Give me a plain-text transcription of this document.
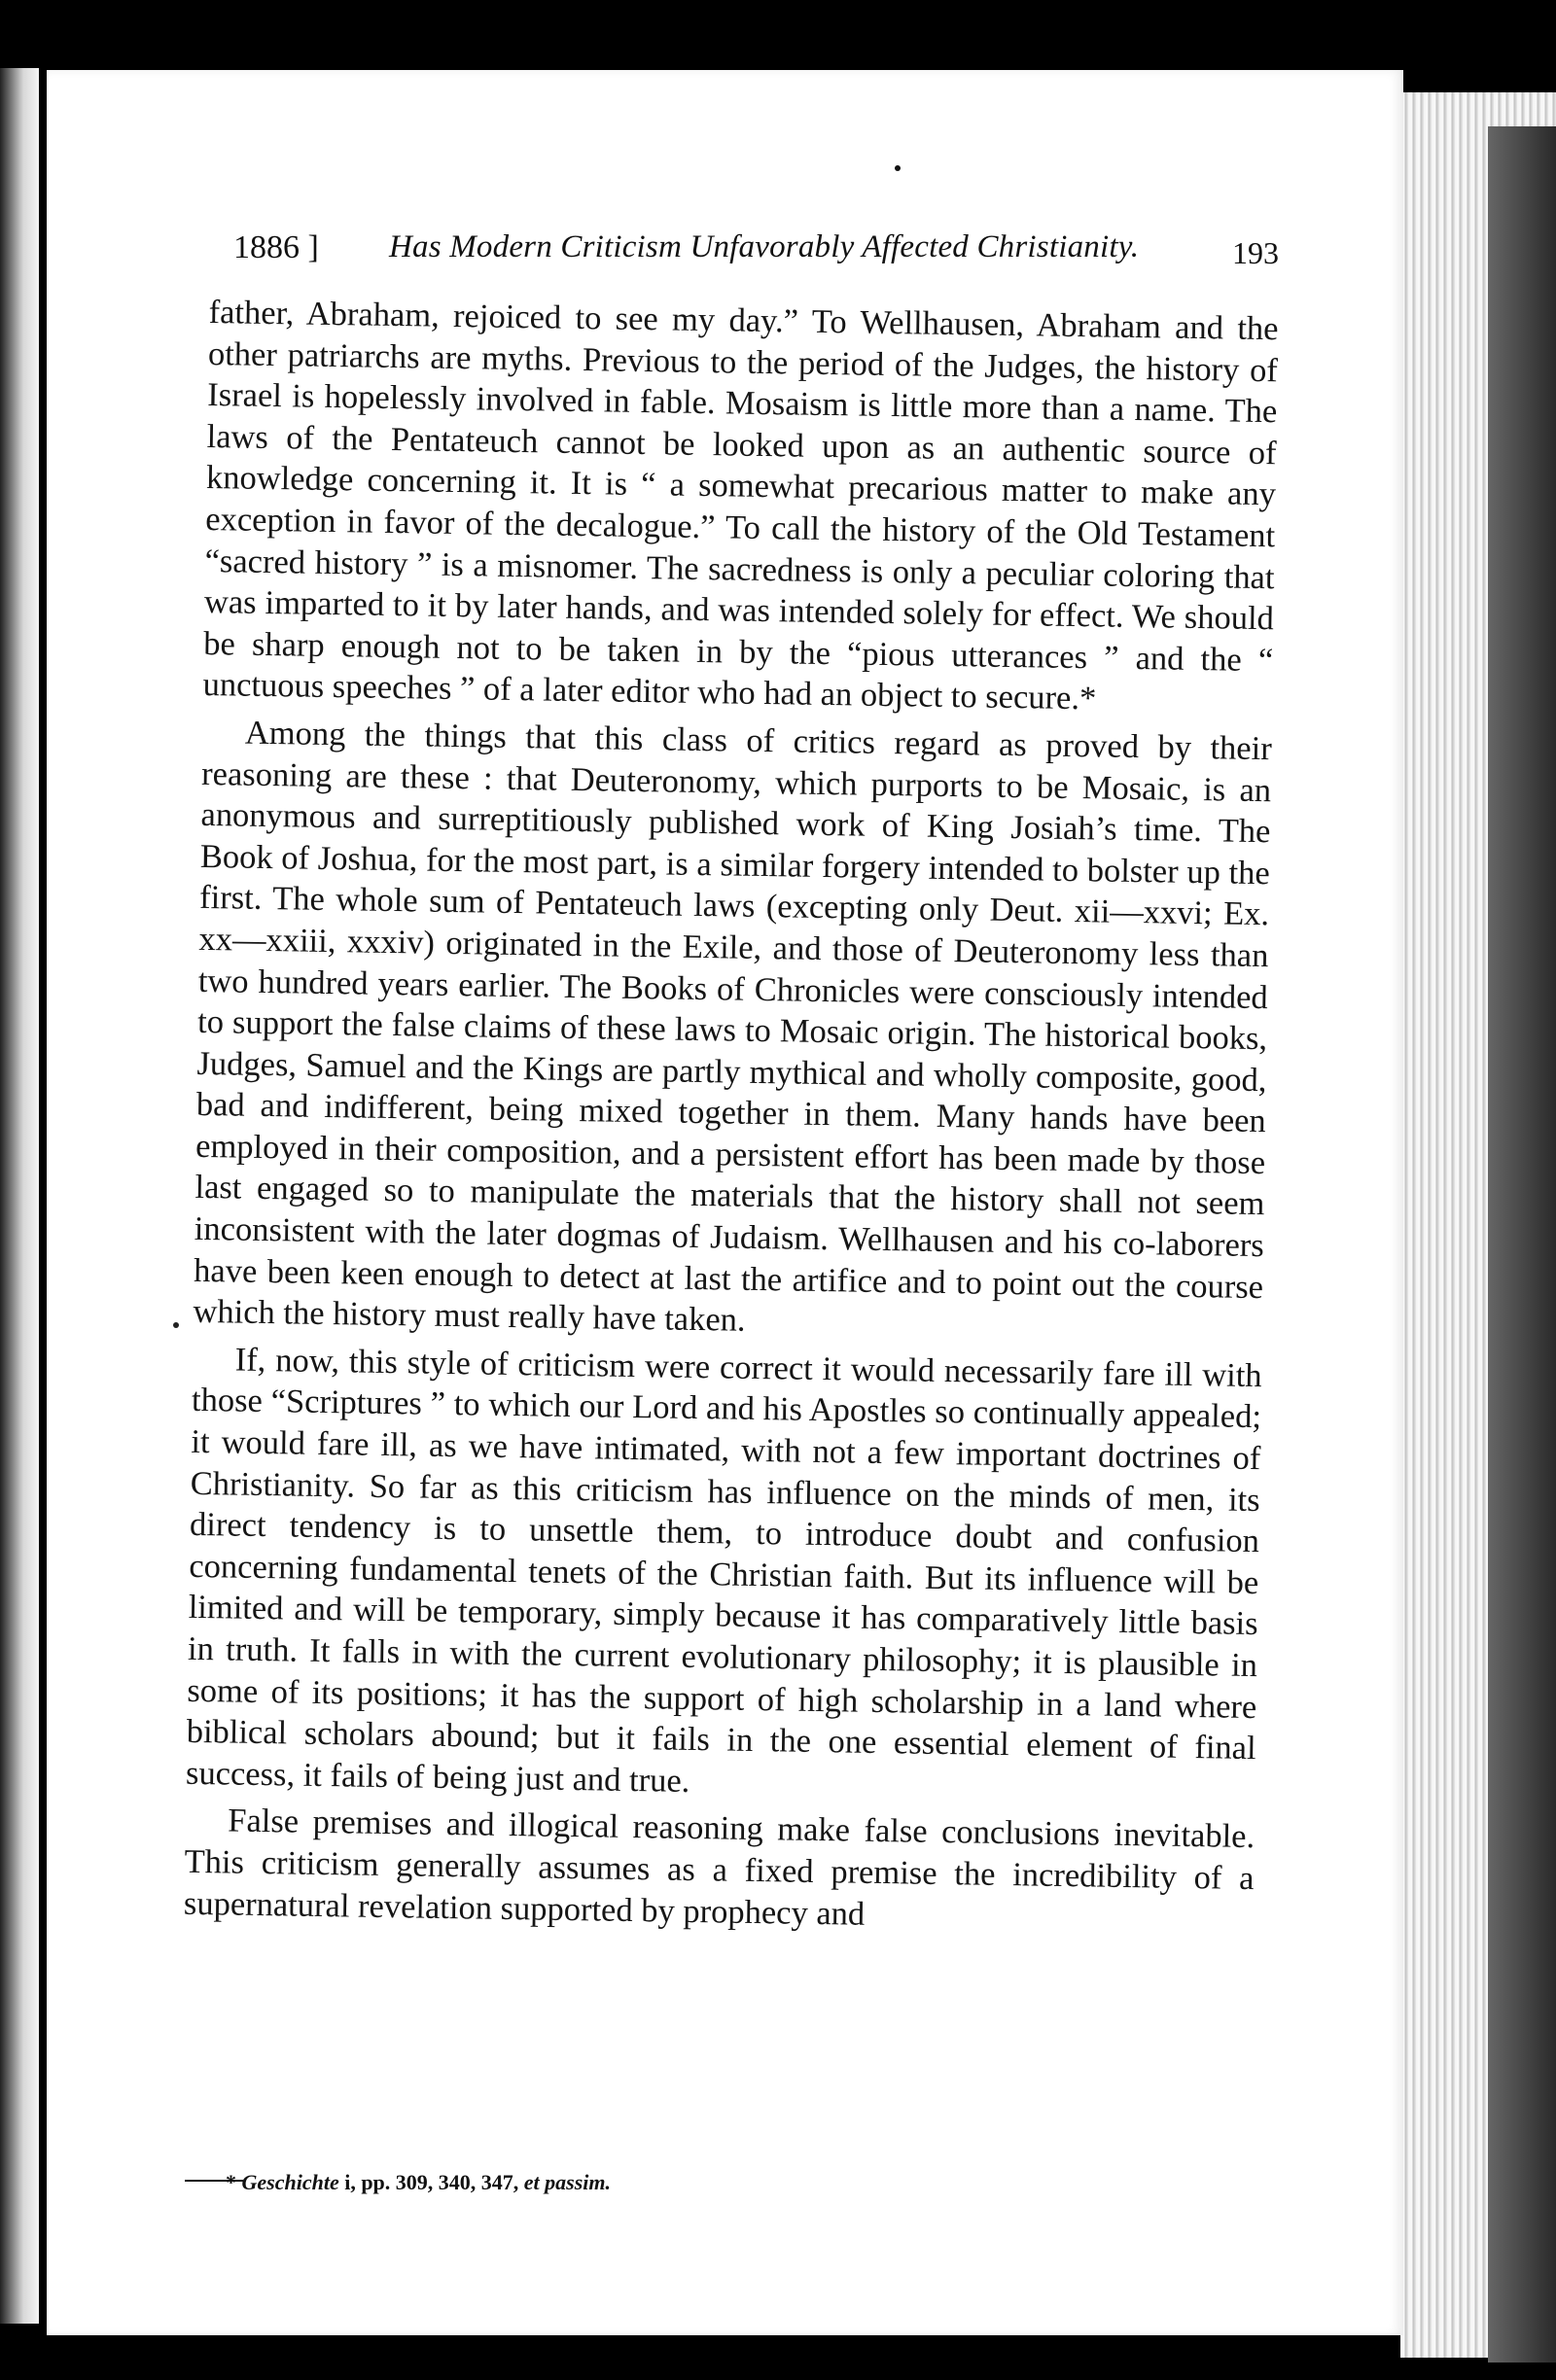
1886 ] Has Modern Criticism Unfavorably Affected Christianity.	193

father, Abraham, rejoiced to see my day.” To Wellhausen, Abraham and the other patriarchs are myths. Previous to the period of the Judges, the history of Israel is hopelessly involved in fable. Mosaism is little more than a name. The laws of the Pentateuch cannot be looked upon as an authentic source of knowledge concerning it. It is “ a somewhat precarious matter to make any exception in favor of the decalogue.” To call the history of the Old Testament “sacred history ” is a misnomer. The sacredness is only a peculiar coloring that was imparted to it by later hands, and was intended solely for effect. We should be sharp enough not to be taken in by the “pious utterances ” and the “ unctuous speeches ” of a later editor who had an object to secure.*

Among the things that this class of critics regard as proved by their reasoning are these : that Deuteronomy, which purports to be Mosaic, is an anonymous and surreptitiously published work of King Josiah’s time. The Book of Joshua, for the most part, is a similar forgery intended to bolster up the first. The whole sum of Pentateuch laws (excepting only Deut. xii—xxvi; Ex. xx—xxiii, xxxiv) originated in the Exile, and those of Deuteronomy less than two hundred years earlier. The Books of Chronicles were consciously intended to support the false claims of these laws to Mosaic origin. The historical books, Judges, Samuel and the Kings are partly mythical and wholly composite, good, bad and indifferent, being mixed together in them. Many hands have been employed in their composition, and a persistent effort has been made by those last engaged so to manipulate the materials that the history shall not seem inconsistent with the later dogmas of Judaism. Wellhausen and his co-laborers have been keen enough to detect at last the artifice and to point out the course which the history must really have taken.

If, now, this style of criticism were correct it would necessarily fare ill with those “Scriptures ” to which our Lord and his Apostles so continually appealed; it would fare ill, as we have intimated, with not a few important doctrines of Christianity. So far as this criticism has influence on the minds of men, its direct tendency is to unsettle them, to introduce doubt and confusion concerning fundamental tenets of the Christian faith. But its influence will be limited and will be temporary, simply because it has comparatively little basis in truth. It falls in with the current evolutionary philosophy; it is plausible in some of its positions; it has the support of high scholarship in a land where biblical scholars abound; but it fails in the one essential element of final success, it fails of being just and true.

False premises and illogical reasoning make false conclusions inevitable. This criticism generally assumes as a fixed premise the incredibility of a supernatural revelation supported by prophecy and

* Geschichte i, pp. 309, 340, 347, et passim.
